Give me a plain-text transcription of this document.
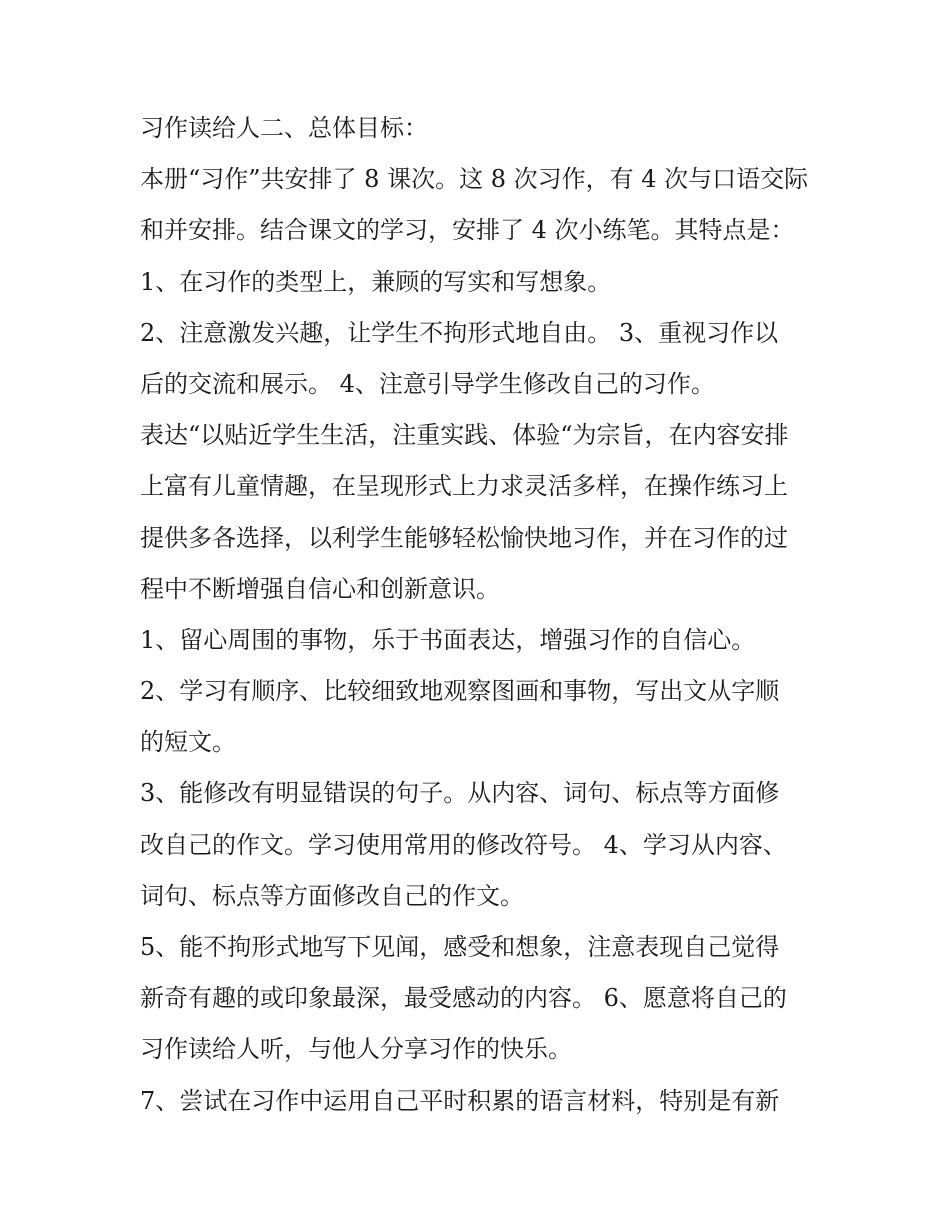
习作读给人二、总体目标：

本册“习作”共安排了 8 课次。这 8 次习作，有 4 次与口语交际

和并安排。结合课文的学习，安排了 4 次小练笔。其特点是：

1、在习作的类型上，兼顾的写实和写想象。

2、注意激发兴趣，让学生不拘形式地自由。 3、重视习作以

后的交流和展示。 4、注意引导学生修改自己的习作。

表达“以贴近学生生活，注重实践、体验“为宗旨，在内容安排

上富有儿童情趣，在呈现形式上力求灵活多样，在操作练习上

提供多各选择，以利学生能够轻松愉快地习作，并在习作的过

程中不断增强自信心和创新意识。

1、留心周围的事物，乐于书面表达，增强习作的自信心。

2、学习有顺序、比较细致地观察图画和事物，写出文从字顺

的短文。

3、能修改有明显错误的句子。从内容、词句、标点等方面修

改自己的作文。学习使用常用的修改符号。 4、学习从内容、

词句、标点等方面修改自己的作文。

5、能不拘形式地写下见闻，感受和想象，注意表现自己觉得

新奇有趣的或印象最深，最受感动的内容。 6、愿意将自己的

习作读给人听，与他人分享习作的快乐。

7、尝试在习作中运用自己平时积累的语言材料，特别是有新
